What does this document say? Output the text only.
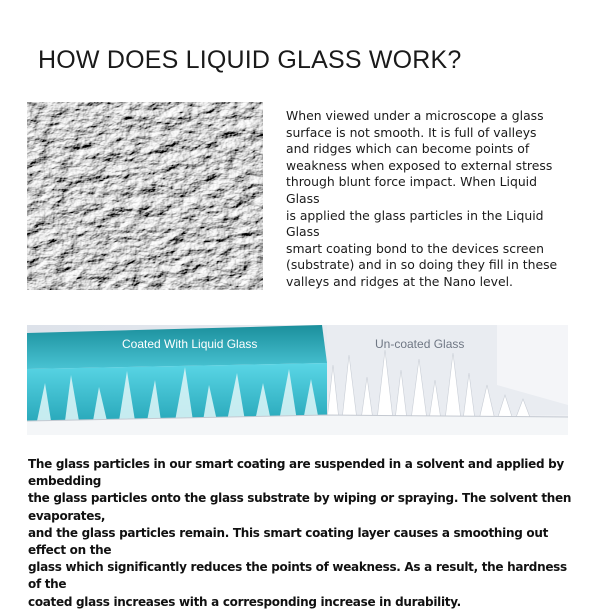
HOW DOES LIQUID GLASS WORK?
When viewed under a microscope a glass
surface is not smooth. It is full of valleys
and ridges which can become points of
weakness when exposed to external stress
through blunt force impact. When Liquid Glass
is applied the glass particles in the Liquid Glass
smart coating bond to the devices screen
(substrate) and in so doing they fill in these
valleys and ridges at the Nano level.
Coated With Liquid Glass	Un-coated Glass
The glass particles in our smart coating are suspended in a solvent and applied by embedding
the glass particles onto the glass substrate by wiping or spraying. The solvent then evaporates,
and the glass particles remain. This smart coating layer causes a smoothing out effect on the
glass which significantly reduces the points of weakness. As a result, the hardness of the
coated glass increases with a corresponding increase in durability.
